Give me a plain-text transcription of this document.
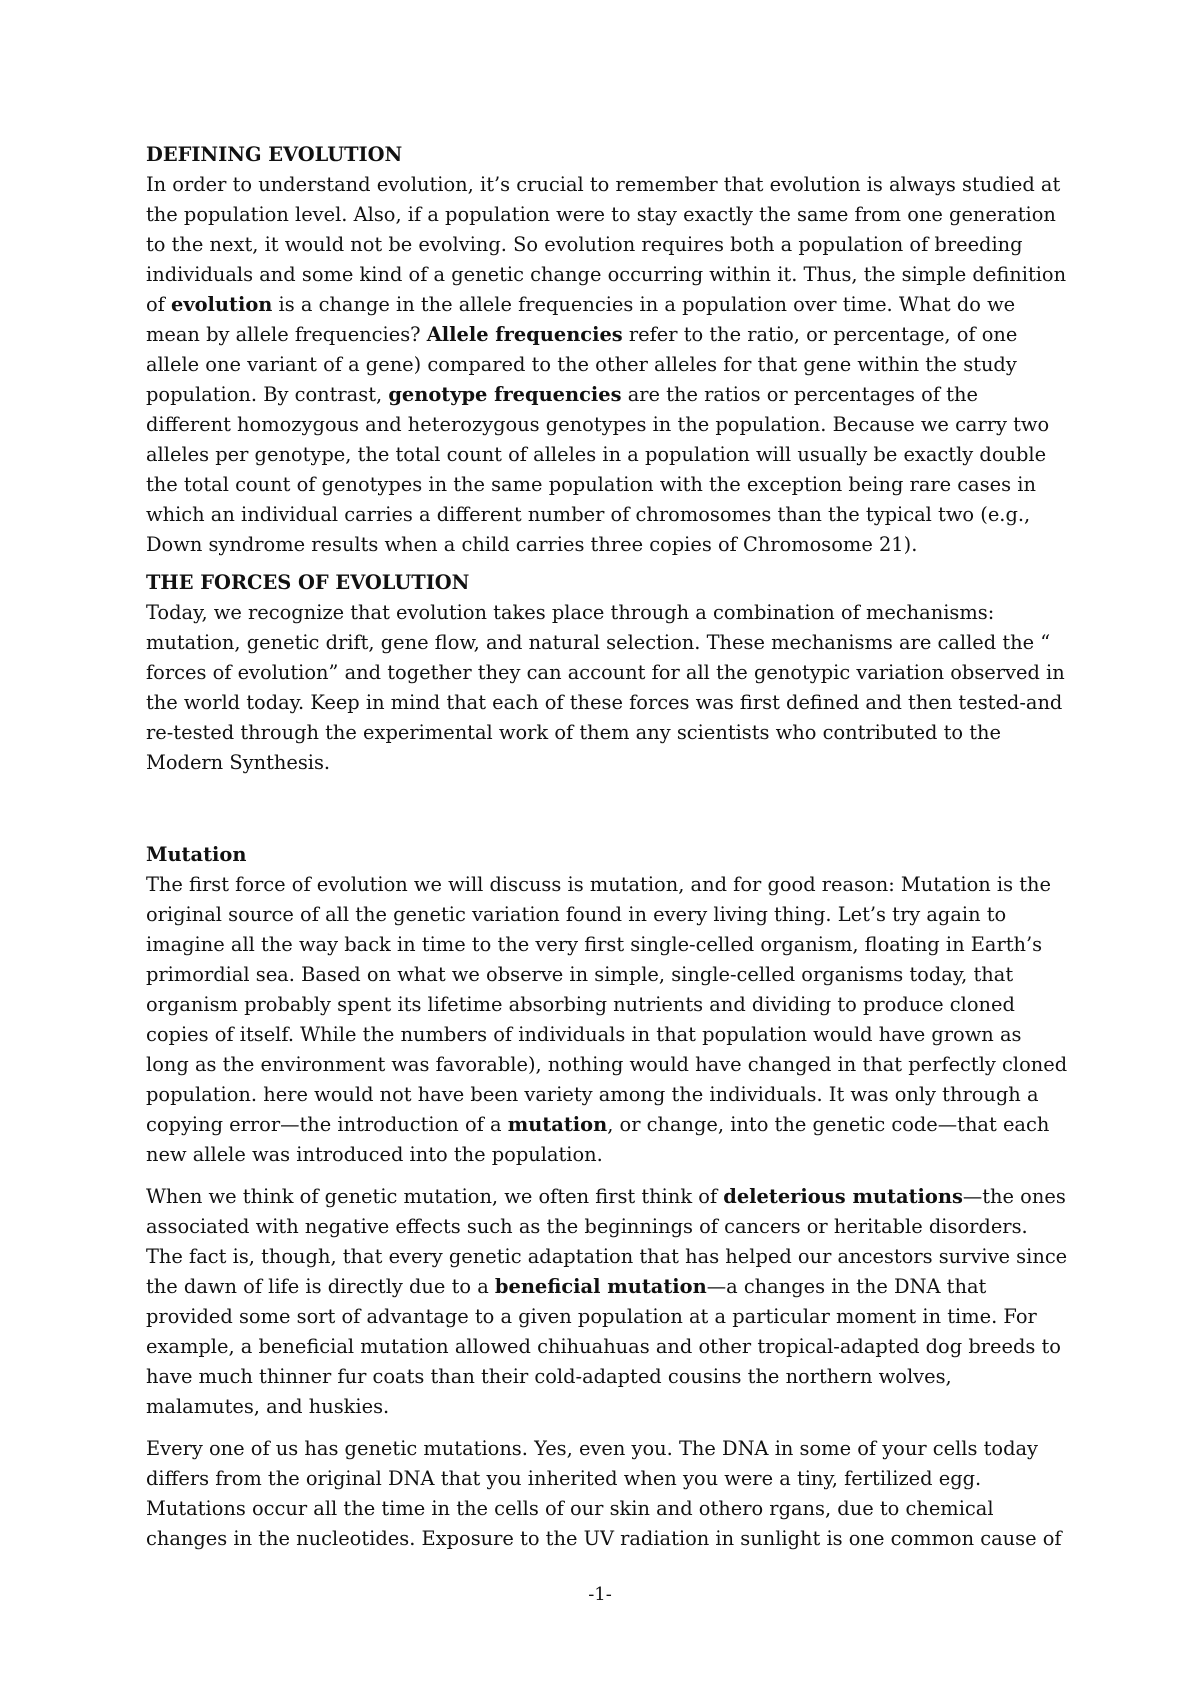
DEFINING EVOLUTION

In order to understand evolution, it’s crucial to remember that evolution is always studied at the population level. Also, if a population were to stay exactly the same from one generation to the next, it would not be evolving. So evolution requires both a population of breeding individuals and some kind of a genetic change occurring within it. Thus, the simple definition of evolution is a change in the allele frequencies in a population over time. What do we mean by allele frequencies? Allele frequencies refer to the ratio, or percentage, of one allele one variant of a gene) compared to the other alleles for that gene within the study population. By contrast, genotype frequencies are the ratios or percentages of the different homozygous and heterozygous genotypes in the population. Because we carry two alleles per genotype, the total count of alleles in a population will usually be exactly double the total count of genotypes in the same population with the exception being rare cases in which an individual carries a different number of chromosomes than the typical two (e.g., Down syndrome results when a child carries three copies of Chromosome 21).

THE FORCES OF EVOLUTION

Today, we recognize that evolution takes place through a combination of mechanisms: mutation, genetic drift, gene flow, and natural selection. These mechanisms are called the “ forces of evolution” and together they can account for all the genotypic variation observed in the world today. Keep in mind that each of these forces was first defined and then tested-and re-tested through the experimental work of them any scientists who contributed to the Modern Synthesis.

Mutation

The first force of evolution we will discuss is mutation, and for good reason: Mutation is the original source of all the genetic variation found in every living thing. Let’s try again to imagine all the way back in time to the very first single-celled organism, floating in Earth’s primordial sea. Based on what we observe in simple, single-celled organisms today, that organism probably spent its lifetime absorbing nutrients and dividing to produce cloned copies of itself. While the numbers of individuals in that population would have grown as long as the environment was favorable), nothing would have changed in that perfectly cloned population. here would not have been variety among the individuals. It was only through a copying error—the introduction of a mutation, or change, into the genetic code—that each new allele was introduced into the population.

When we think of genetic mutation, we often first think of deleterious mutations—the ones associated with negative effects such as the beginnings of cancers or heritable disorders. The fact is, though, that every genetic adaptation that has helped our ancestors survive since the dawn of life is directly due to a beneficial mutation—a changes in the DNA that provided some sort of advantage to a given population at a particular moment in time. For example, a beneficial mutation allowed chihuahuas and other tropical-adapted dog breeds to have much thinner fur coats than their cold-adapted cousins the northern wolves, malamutes, and huskies.

Every one of us has genetic mutations. Yes, even you. The DNA in some of your cells today differs from the original DNA that you inherited when you were a tiny, fertilized egg. Mutations occur all the time in the cells of our skin and othero rgans, due to chemical changes in the nucleotides. Exposure to the UV radiation in sunlight is one common cause of

-1-
